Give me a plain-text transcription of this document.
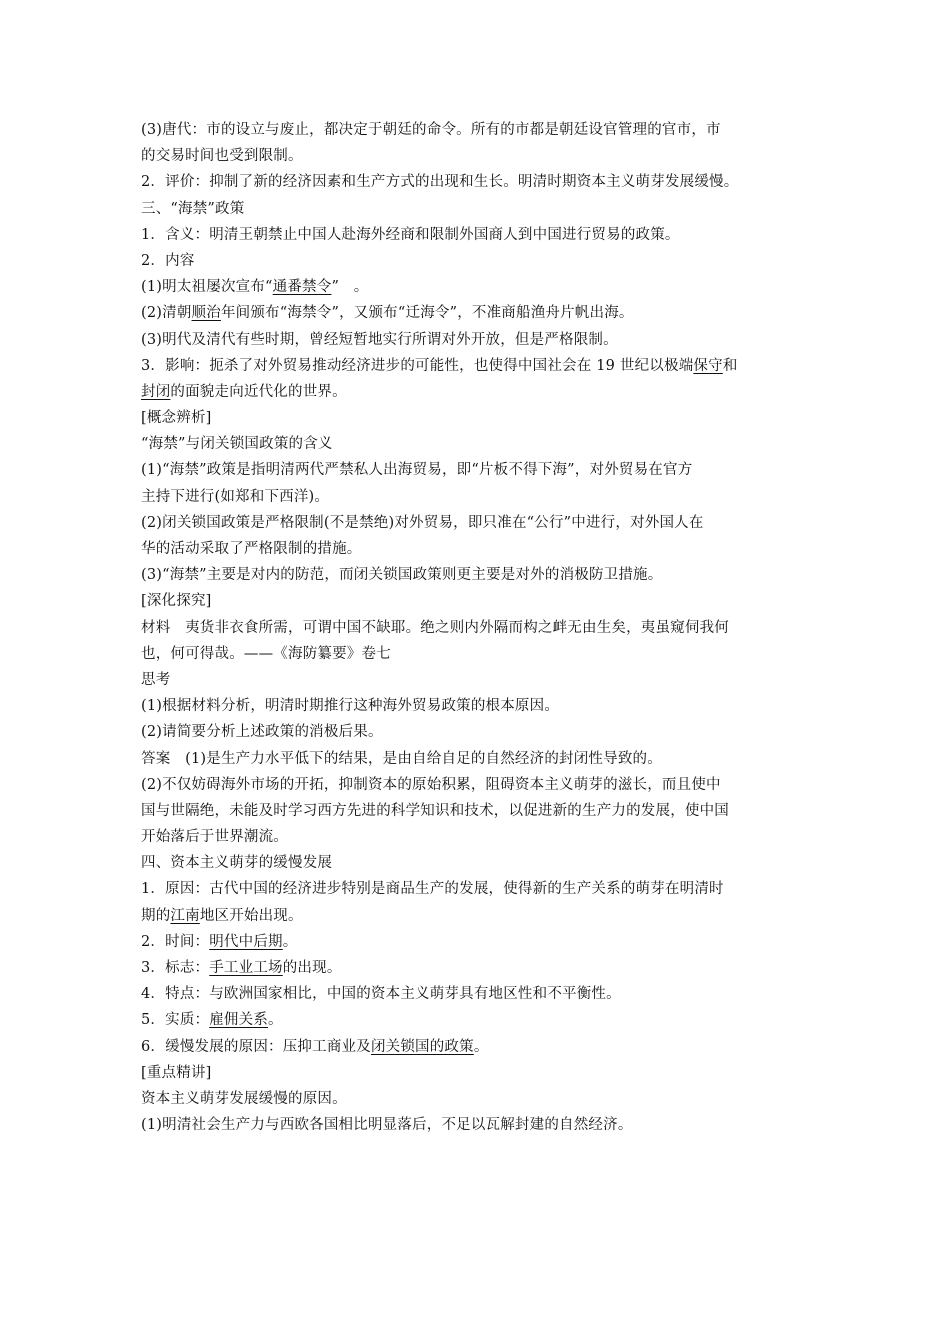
(3)唐代：市的设立与废止，都决定于朝廷的命令。所有的市都是朝廷设官管理的官市，市
的交易时间也受到限制。
2．评价：抑制了新的经济因素和生产方式的出现和生长。明清时期资本主义萌芽发展缓慢。
三、“海禁”政策
1．含义：明清王朝禁止中国人赴海外经商和限制外国商人到中国进行贸易的政策。
2．内容
(1)明太祖屡次宣布“通番禁令”　。
(2)清朝顺治年间颁布“海禁令”，又颁布“迁海令”，不准商船渔舟片帆出海。
(3)明代及清代有些时期，曾经短暂地实行所谓对外开放，但是严格限制。
3．影响：扼杀了对外贸易推动经济进步的可能性，也使得中国社会在 19 世纪以极端保守和
封闭的面貌走向近代化的世界。
[概念辨析]
“海禁”与闭关锁国政策的含义
(1)“海禁”政策是指明清两代严禁私人出海贸易，即“片板不得下海”，对外贸易在官方
主持下进行(如郑和下西洋)。
(2)闭关锁国政策是严格限制(不是禁绝)对外贸易，即只准在“公行”中进行，对外国人在
华的活动采取了严格限制的措施。
(3)“海禁”主要是对内的防范，而闭关锁国政策则更主要是对外的消极防卫措施。
[深化探究]
材料　夷货非衣食所需，可谓中国不缺耶。绝之则内外隔而构之衅无由生矣，夷虽窥伺我何
也，何可得哉。——《海防纂要》卷七
思考
(1)根据材料分析，明清时期推行这种海外贸易政策的根本原因。
(2)请简要分析上述政策的消极后果。
答案　(1)是生产力水平低下的结果，是由自给自足的自然经济的封闭性导致的。
(2)不仅妨碍海外市场的开拓，抑制资本的原始积累，阻碍资本主义萌芽的滋长，而且使中
国与世隔绝，未能及时学习西方先进的科学知识和技术，以促进新的生产力的发展，使中国
开始落后于世界潮流。
四、资本主义萌芽的缓慢发展
1．原因：古代中国的经济进步特别是商品生产的发展，使得新的生产关系的萌芽在明清时
期的江南地区开始出现。
2．时间：明代中后期。
3．标志：手工业工场的出现。
4．特点：与欧洲国家相比，中国的资本主义萌芽具有地区性和不平衡性。
5．实质：雇佣关系。
6．缓慢发展的原因：压抑工商业及闭关锁国的政策。
[重点精讲]
资本主义萌芽发展缓慢的原因。
(1)明清社会生产力与西欧各国相比明显落后，不足以瓦解封建的自然经济。
